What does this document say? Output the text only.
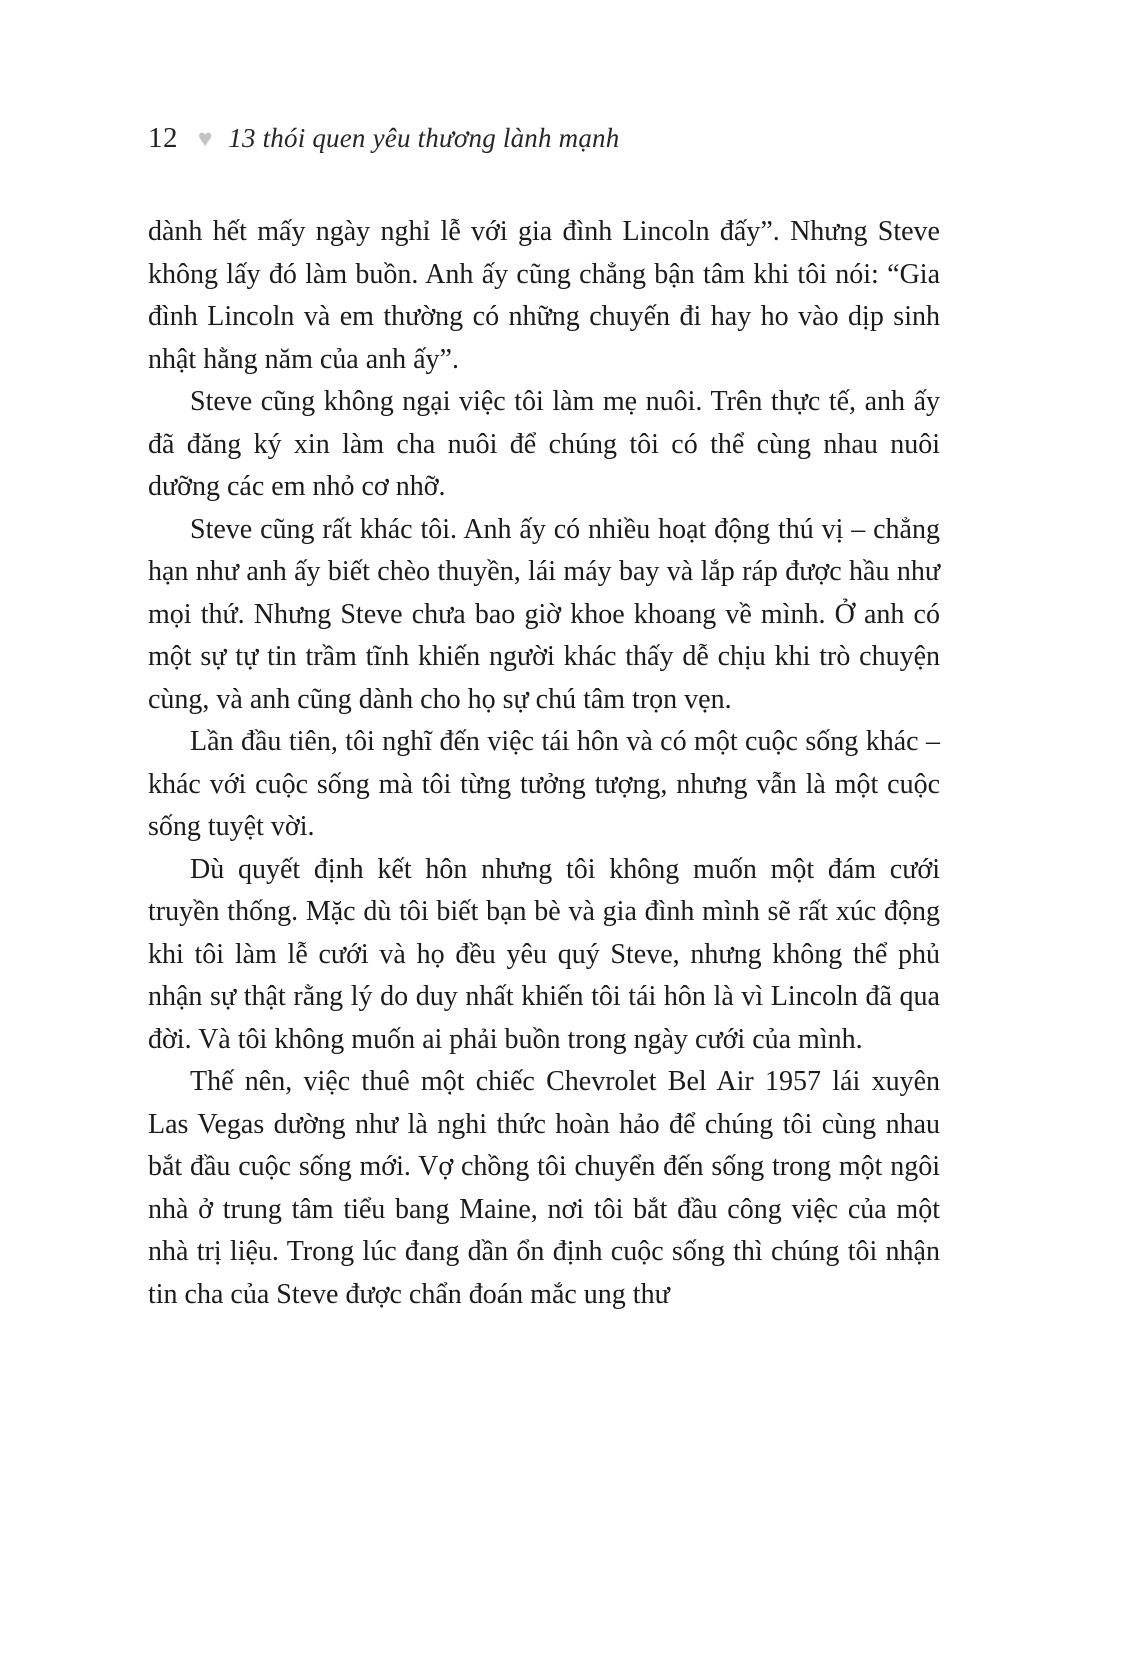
12 ♥ 13 thói quen yêu thương lành mạnh

dành hết mấy ngày nghỉ lễ với gia đình Lincoln đấy”. Nhưng Steve không lấy đó làm buồn. Anh ấy cũng chẳng bận tâm khi tôi nói: “Gia đình Lincoln và em thường có những chuyến đi hay ho vào dịp sinh nhật hằng năm của anh ấy”.

Steve cũng không ngại việc tôi làm mẹ nuôi. Trên thực tế, anh ấy đã đăng ký xin làm cha nuôi để chúng tôi có thể cùng nhau nuôi dưỡng các em nhỏ cơ nhỡ.

Steve cũng rất khác tôi. Anh ấy có nhiều hoạt động thú vị – chẳng hạn như anh ấy biết chèo thuyền, lái máy bay và lắp ráp được hầu như mọi thứ. Nhưng Steve chưa bao giờ khoe khoang về mình. Ở anh có một sự tự tin trầm tĩnh khiến người khác thấy dễ chịu khi trò chuyện cùng, và anh cũng dành cho họ sự chú tâm trọn vẹn.

Lần đầu tiên, tôi nghĩ đến việc tái hôn và có một cuộc sống khác – khác với cuộc sống mà tôi từng tưởng tượng, nhưng vẫn là một cuộc sống tuyệt vời.

Dù quyết định kết hôn nhưng tôi không muốn một đám cưới truyền thống. Mặc dù tôi biết bạn bè và gia đình mình sẽ rất xúc động khi tôi làm lễ cưới và họ đều yêu quý Steve, nhưng không thể phủ nhận sự thật rằng lý do duy nhất khiến tôi tái hôn là vì Lincoln đã qua đời. Và tôi không muốn ai phải buồn trong ngày cưới của mình.

Thế nên, việc thuê một chiếc Chevrolet Bel Air 1957 lái xuyên Las Vegas dường như là nghi thức hoàn hảo để chúng tôi cùng nhau bắt đầu cuộc sống mới. Vợ chồng tôi chuyển đến sống trong một ngôi nhà ở trung tâm tiểu bang Maine, nơi tôi bắt đầu công việc của một nhà trị liệu. Trong lúc đang dần ổn định cuộc sống thì chúng tôi nhận tin cha của Steve được chẩn đoán mắc ung thư
